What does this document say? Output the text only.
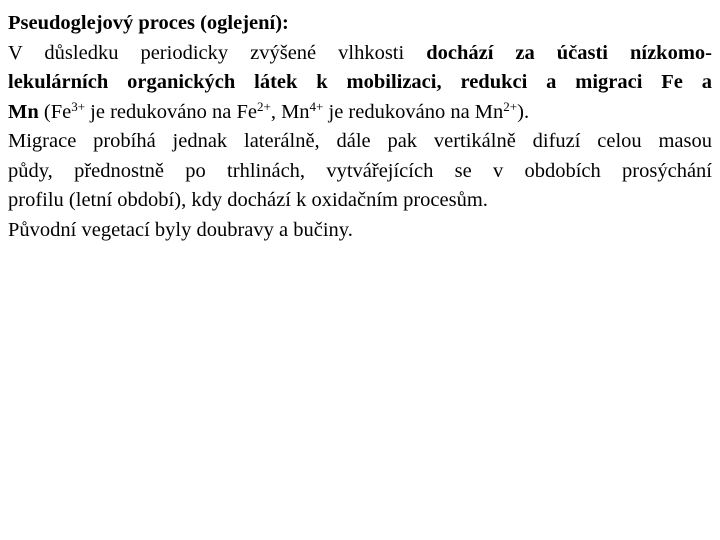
Pseudoglejový proces (oglejení):
V důsledku periodicky zvýšené vlhkosti dochází za účasti nízkomo-
lekulárních organických látek k mobilizaci, redukci a migraci Fe a
Mn ($Fe^{3+}$ je redukováno na $Fe^{2+}$, $Mn^{4+}$ je redukováno na $Mn^{2+}$).
Migrace probíhá jednak laterálně, dále pak vertikálně difuzí celou masou
půdy, přednostně po trhlinách, vytvářejících se v obdobích prosýchání
profilu (letní období), kdy dochází k oxidačním procesům.
Původní vegetací byly doubravy a bučiny.
